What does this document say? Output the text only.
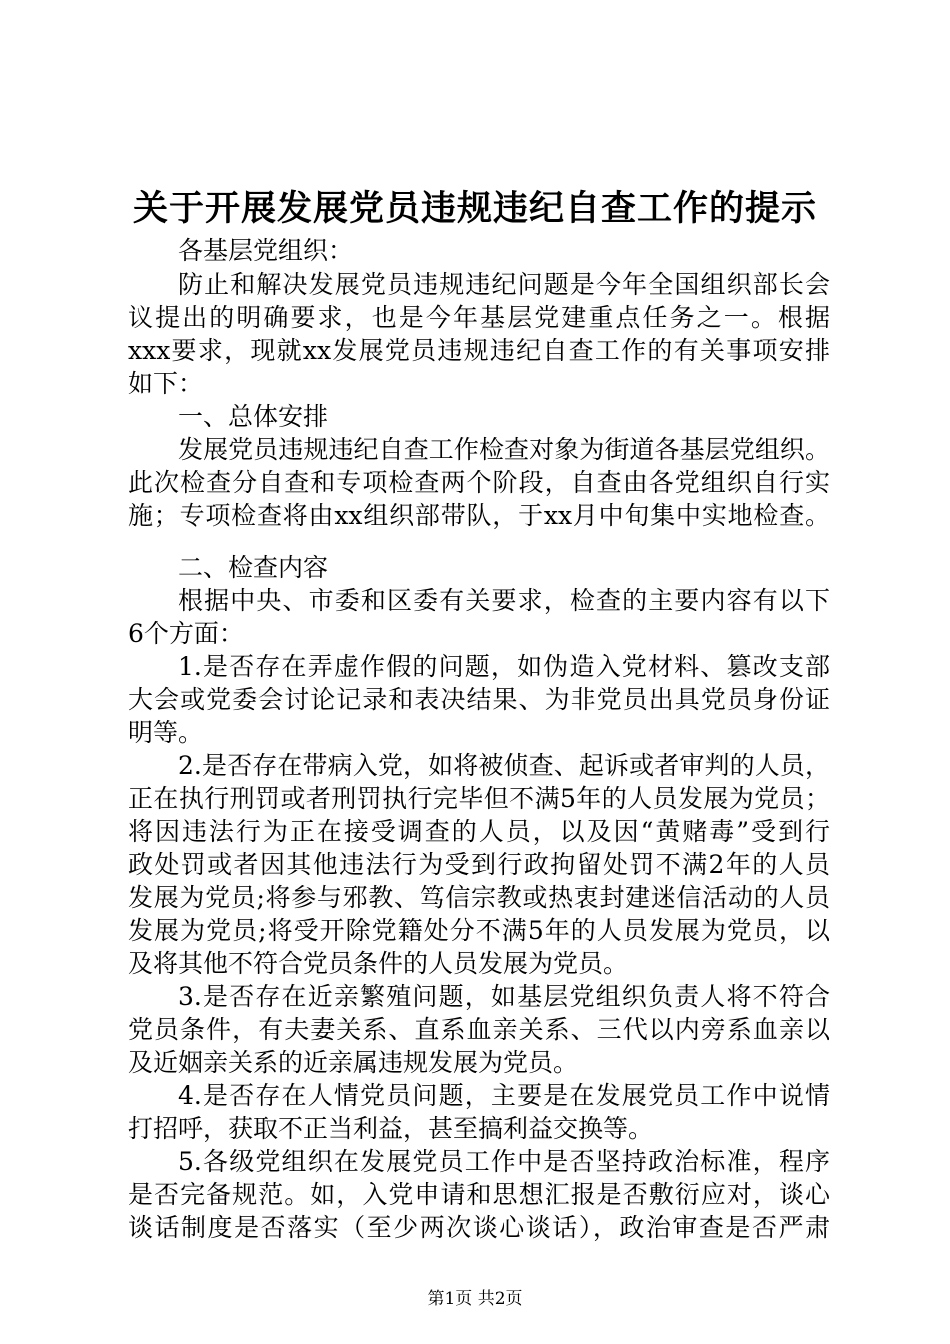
关于开展发展党员违规违纪自查工作的提示
各基层党组织：
防止和解决发展党员违规违纪问题是今年全国组织部长会
议提出的明确要求，也是今年基层党建重点任务之一。根据
xxx要求，现就xx发展党员违规违纪自查工作的有关事项安排
如下：
一、总体安排
发展党员违规违纪自查工作检查对象为街道各基层党组织。
此次检查分自查和专项检查两个阶段，自查由各党组织自行实
施；专项检查将由xx组织部带队，于xx月中旬集中实地检查。
二、检查内容
根据中央、市委和区委有关要求，检查的主要内容有以下
6个方面：
1.是否存在弄虚作假的问题，如伪造入党材料、篡改支部
大会或党委会讨论记录和表决结果、为非党员出具党员身份证
明等。
2.是否存在带病入党，如将被侦查、起诉或者审判的人员，
正在执行刑罚或者刑罚执行完毕但不满5年的人员发展为党员；
将因违法行为正在接受调查的人员，以及因“黄赌毒”受到行
政处罚或者因其他违法行为受到行政拘留处罚不满2年的人员
发展为党员;将参与邪教、笃信宗教或热衷封建迷信活动的人员
发展为党员;将受开除党籍处分不满5年的人员发展为党员，以
及将其他不符合党员条件的人员发展为党员。
3.是否存在近亲繁殖问题，如基层党组织负责人将不符合
党员条件，有夫妻关系、直系血亲关系、三代以内旁系血亲以
及近姻亲关系的近亲属违规发展为党员。
4.是否存在人情党员问题，主要是在发展党员工作中说情
打招呼，获取不正当利益，甚至搞利益交换等。
5.各级党组织在发展党员工作中是否坚持政治标准，程序
是否完备规范。如，入党申请和思想汇报是否敷衍应对，谈心
谈话制度是否落实（至少两次谈心谈话），政治审查是否严肃
第1页 共2页
